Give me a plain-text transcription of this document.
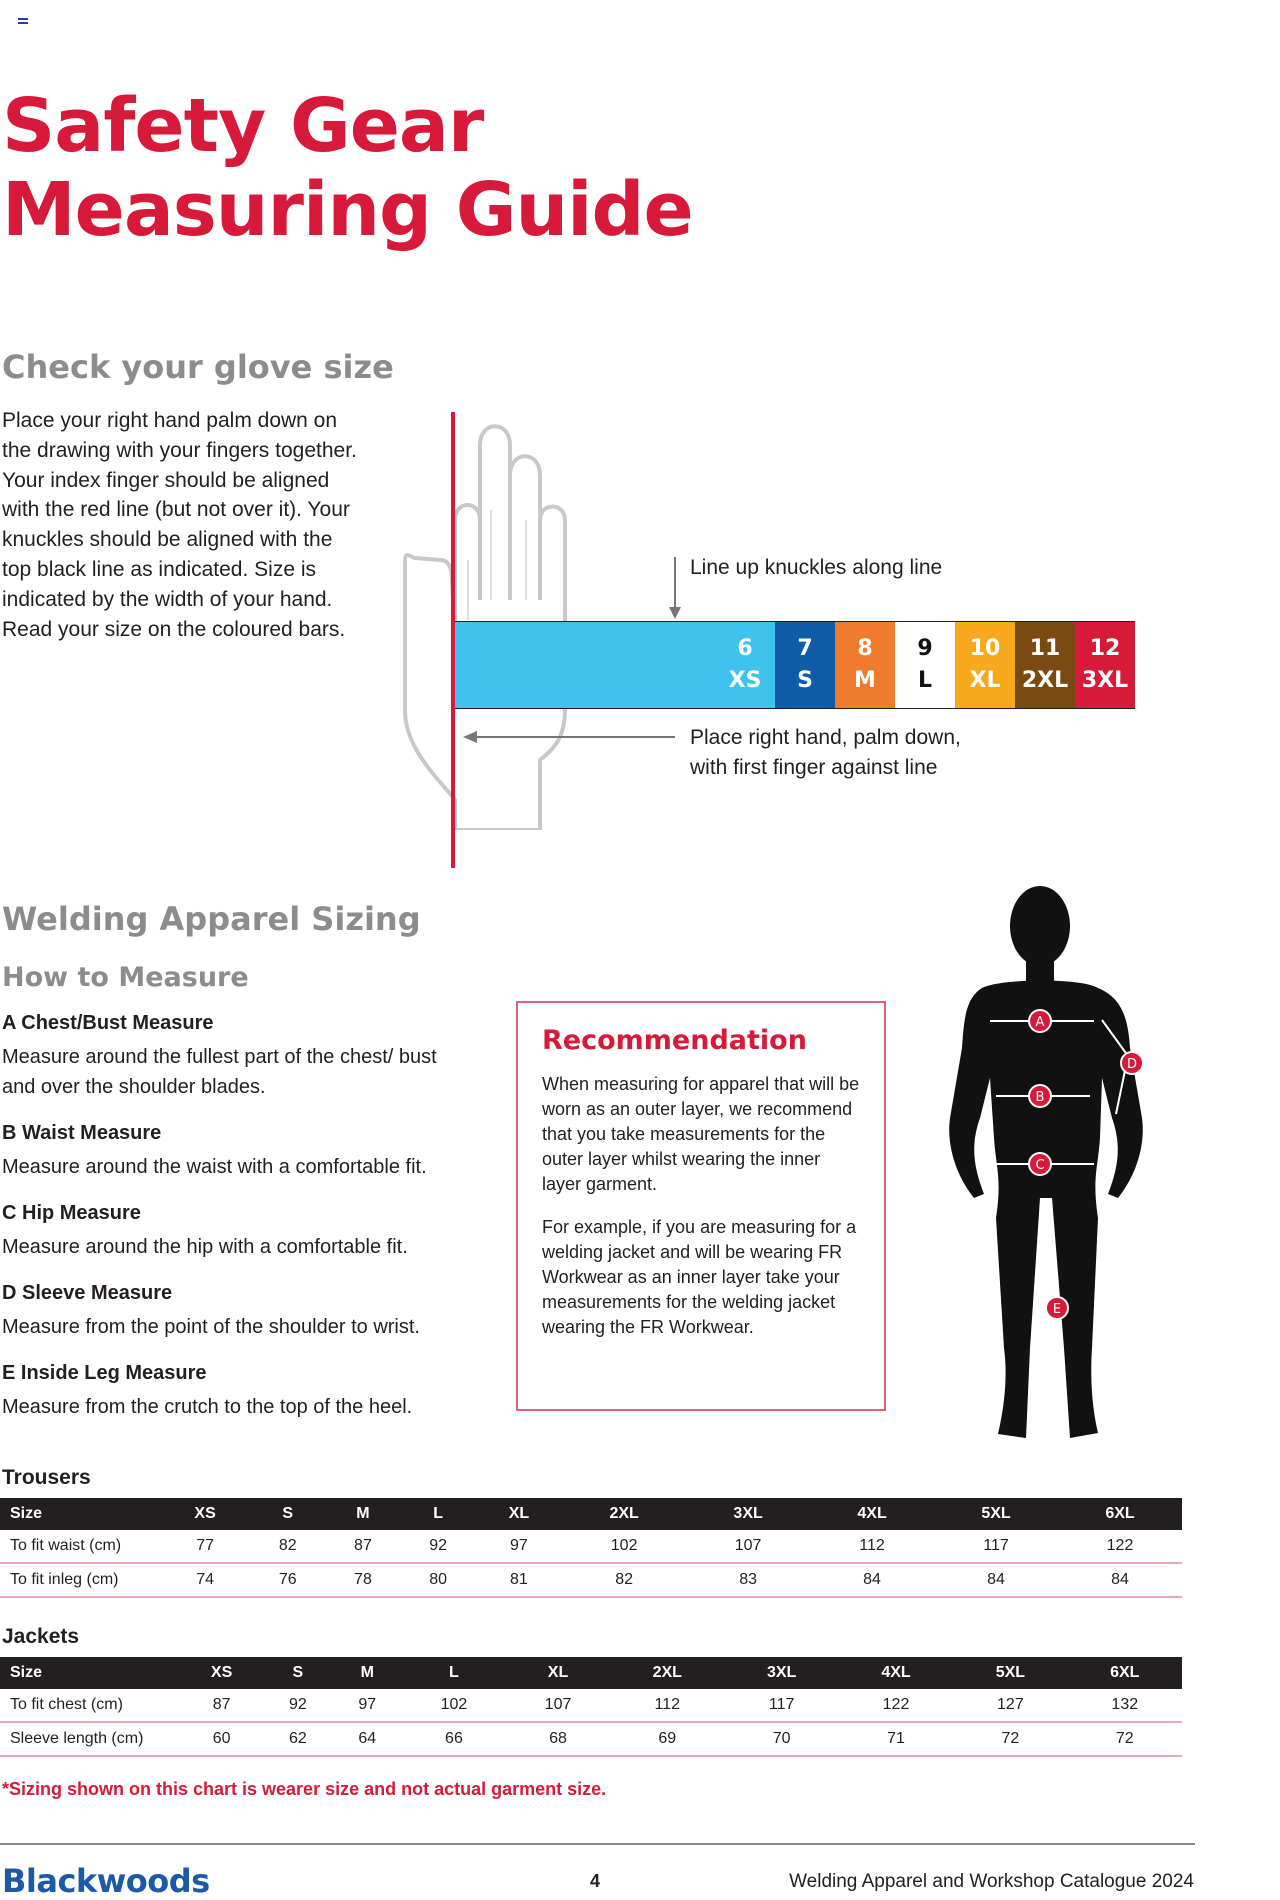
Safety Gear
Measuring Guide
Check your glove size

Place your right hand palm down on the drawing with your fingers together. Your index finger should be aligned with the red line (but not over it). Your knuckles should be aligned with the top black line as indicated. Size is indicated by the width of your hand. Read your size on the coloured bars.

6
XS
7
S
8
M
9
L
10
XL
11
2XL
12
3XL
Line up knuckles along line
Place right hand, palm down,
with first finger against line
Welding Apparel Sizing
How to Measure

A Chest/Bust Measure

Measure around the fullest part of the chest/ bust and over the shoulder blades.

B Waist Measure

Measure around the waist with a comfortable fit.

C Hip Measure

Measure around the hip with a comfortable fit.

D Sleeve Measure

Measure from the point of the shoulder to wrist.

E Inside Leg Measure

Measure from the crutch to the top of the heel.

Recommendation

When measuring for apparel that will be worn as an outer layer, we recommend that you take measurements for the outer layer whilst wearing the inner layer garment.

For example, if you are measuring for a welding jacket and will be wearing FR Workwear as an inner layer take your measurements for the welding jacket wearing the FR Workwear.

A
B
C
D
E
Trousers
Size	XS	S	M	L	XL	2XL	3XL	4XL	5XL	6XL
To fit waist (cm)	77	82	87	92	97	102	107	112	117	122
To fit inleg (cm)	74	76	78	80	81	82	83	84	84	84
Jackets
Size	XS	S	M	L	XL	2XL	3XL	4XL	5XL	6XL
To fit chest (cm)	87	92	97	102	107	112	117	122	127	132
Sleeve length (cm)	60	62	64	66	68	69	70	71	72	72
*Sizing shown on this chart is wearer size and not actual garment size.
Blackwoods	4	Welding Apparel and Workshop Catalogue 2024
